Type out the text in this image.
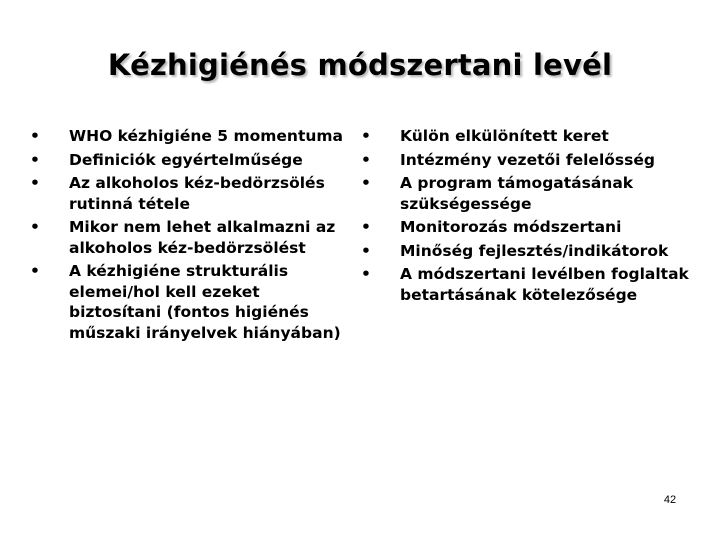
Kézhigiénés módszertani levél
• WHO kézhigiéne 5 momentuma
• Definiciók egyértelműsége
• Az alkoholos kéz-bedörzsölés rutinná tétele
• Mikor nem lehet alkalmazni az alkoholos kéz-bedörzsölést
• A kézhigiéne strukturális elemei/hol kell ezeket biztosítani (fontos higiénés műszaki irányelvek hiányában)
• Külön elkülönített keret
• Intézmény vezetői felelősség
• A program támogatásának szükségessége
• Monitorozás módszertani
• Minőség fejlesztés/indikátorok
• A módszertani levélben foglaltak betartásának kötelezősége
42
